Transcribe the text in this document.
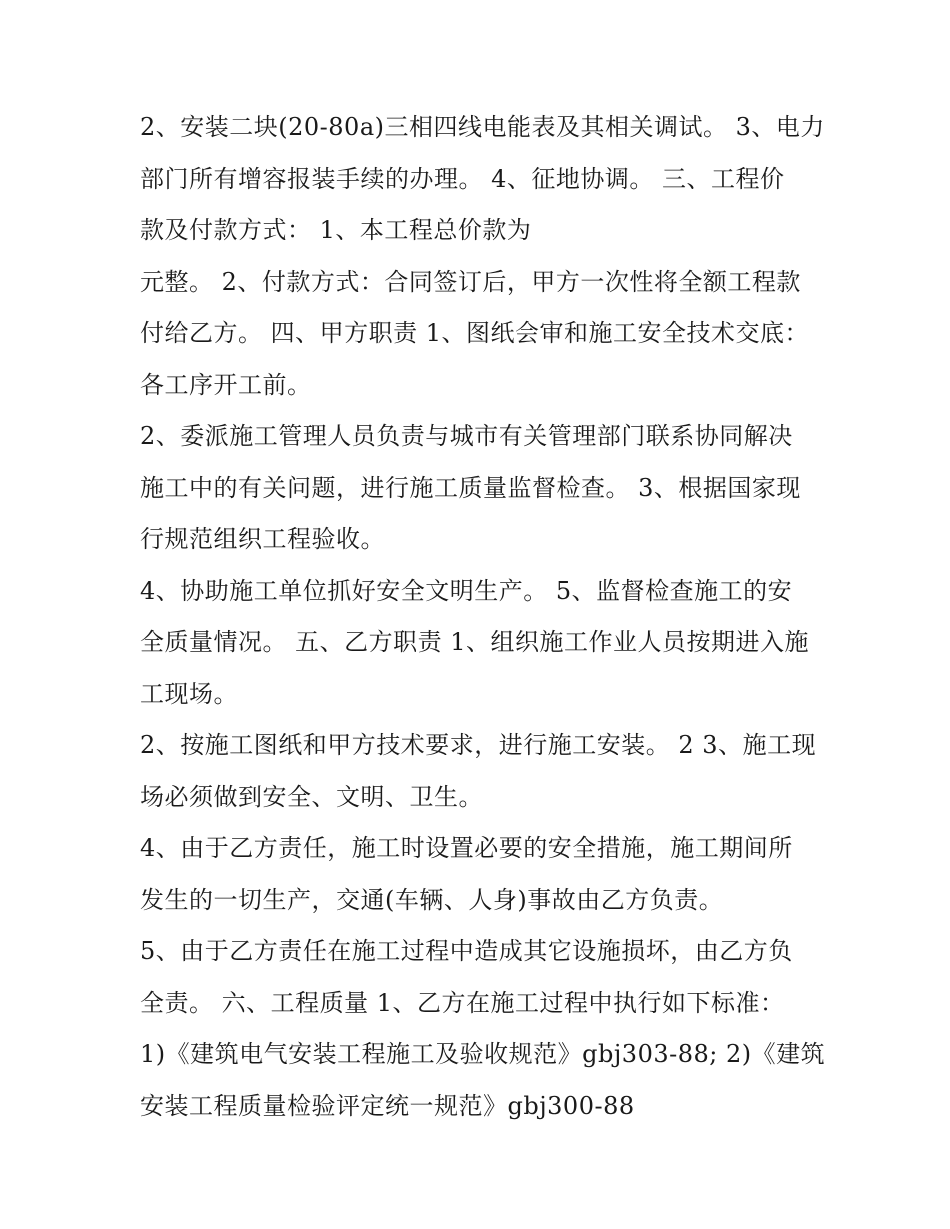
2、安装二块(20-80a)三相四线电能表及其相关调试。 3、电力
部门所有增容报装手续的办理。 4、征地协调。 三、工程价
款及付款方式： 1、本工程总价款为
元整。 2、付款方式：合同签订后，甲方一次性将全额工程款
付给乙方。 四、甲方职责 1、图纸会审和施工安全技术交底：
各工序开工前。
2、委派施工管理人员负责与城市有关管理部门联系协同解决
施工中的有关问题，进行施工质量监督检查。 3、根据国家现
行规范组织工程验收。
4、协助施工单位抓好安全文明生产。 5、监督检查施工的安
全质量情况。 五、乙方职责 1、组织施工作业人员按期进入施
工现场。
2、按施工图纸和甲方技术要求，进行施工安装。 2 3、施工现
场必须做到安全、文明、卫生。
4、由于乙方责任，施工时设置必要的安全措施，施工期间所
发生的一切生产，交通(车辆、人身)事故由乙方负责。
5、由于乙方责任在施工过程中造成其它设施损坏，由乙方负
全责。 六、工程质量 1、乙方在施工过程中执行如下标准：
1)《建筑电气安装工程施工及验收规范》gbj303-88; 2)《建筑
安装工程质量检验评定统一规范》gbj300-88
